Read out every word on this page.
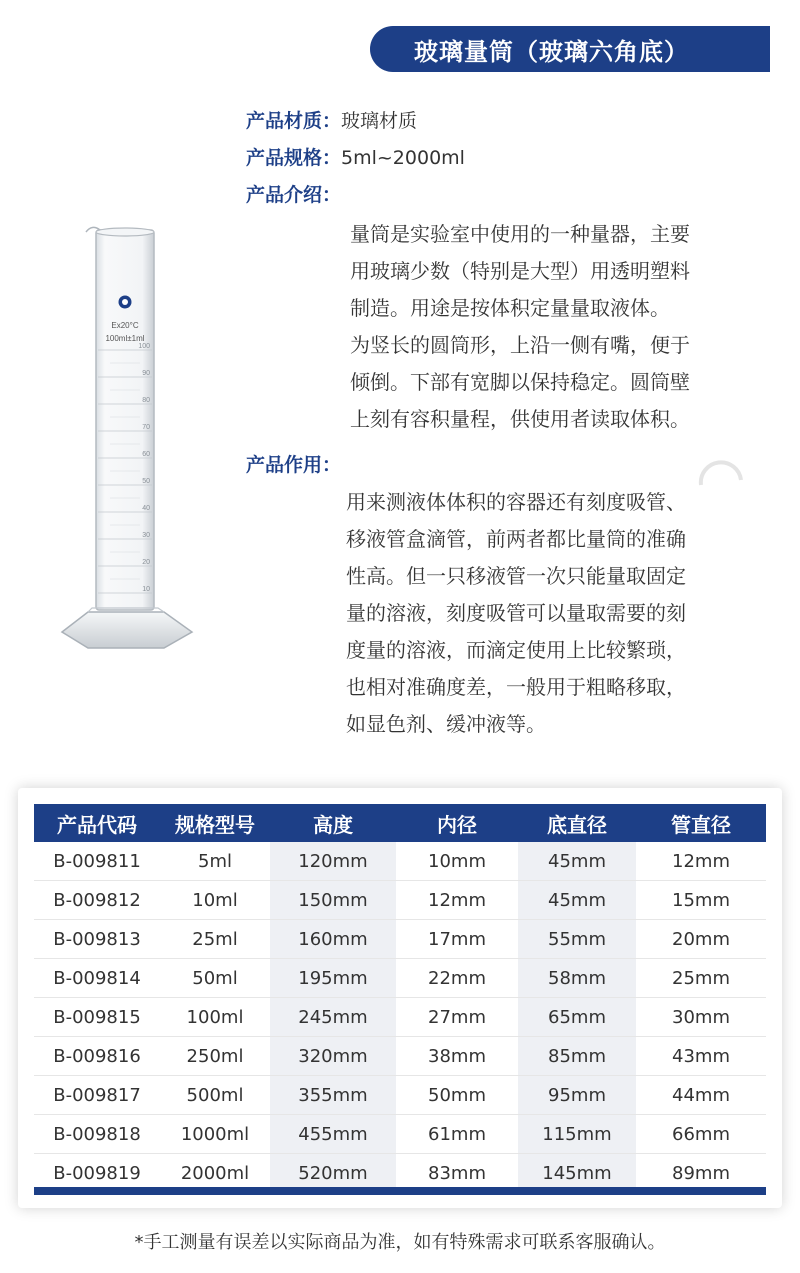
玻璃量筒（玻璃六角底）
产品材质：玻璃材质
产品规格：5ml~2000ml
产品介绍：
量筒是实验室中使用的一种量器，主要
用玻璃少数（特别是大型）用透明塑料
制造。用途是按体积定量量取液体。
为竖长的圆筒形，上沿一侧有嘴，便于
倾倒。下部有宽脚以保持稳定。圆筒壁
上刻有容积量程，供使用者读取体积。
产品作用：
用来测液体体积的容器还有刻度吸管、
移液管盒滴管，前两者都比量筒的准确
性高。但一只移液管一次只能量取固定
量的溶液，刻度吸管可以量取需要的刻
度量的溶液，而滴定使用上比较繁琐，
也相对准确度差，一般用于粗略移取，
如显色剂、缓冲液等。
Ex20°C
100ml±1ml
100
90
80
70
60
50
40
30
20
10
产品代码	规格型号	高度	内径	底直径	管直径
B-009811	5ml	120mm	10mm	45mm	12mm
B-009812	10ml	150mm	12mm	45mm	15mm
B-009813	25ml	160mm	17mm	55mm	20mm
B-009814	50ml	195mm	22mm	58mm	25mm
B-009815	100ml	245mm	27mm	65mm	30mm
B-009816	250ml	320mm	38mm	85mm	43mm
B-009817	500ml	355mm	50mm	95mm	44mm
B-009818	1000ml	455mm	61mm	115mm	66mm
B-009819	2000ml	520mm	83mm	145mm	89mm
*手工测量有误差以实际商品为准，如有特殊需求可联系客服确认。
